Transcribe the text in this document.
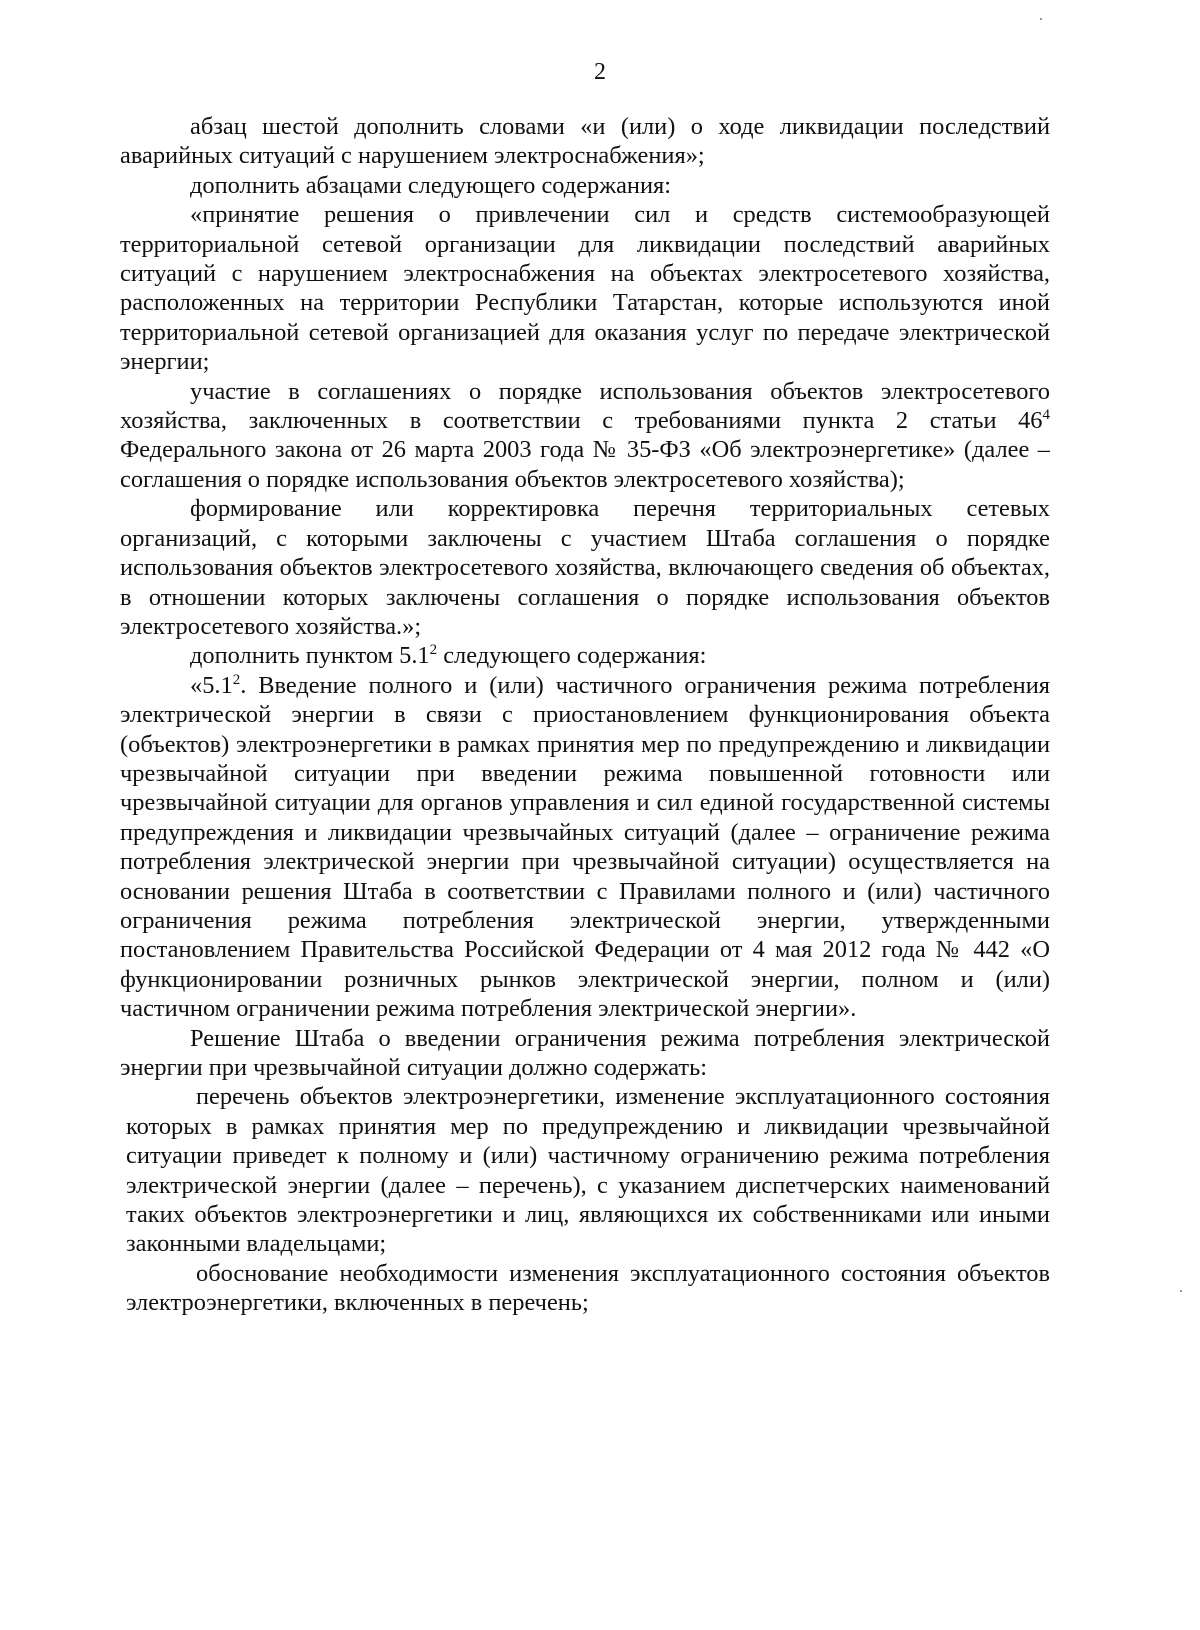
2

абзац шестой дополнить словами «и (или) о ходе ликвидации последствий аварийных ситуаций с нарушением электроснабжения»;

дополнить абзацами следующего содержания:

«принятие решения о привлечении сил и средств системообразующей территориальной сетевой организации для ликвидации последствий аварийных ситуаций с нарушением электроснабжения на объектах электросетевого хозяйства, расположенных на территории Республики Татарстан, которые используются иной территориальной сетевой организацией для оказания услуг по передаче электрической энергии;

участие в соглашениях о порядке использования объектов электросетевого хозяйства, заключенных в соответствии с требованиями пункта 2 статьи $46^4$ Федерального закона от 26 марта 2003 года № 35-ФЗ «Об электроэнергетике» (далее – соглашения о порядке использования объектов электросетевого хозяйства);

формирование или корректировка перечня территориальных сетевых организаций, с которыми заключены с участием Штаба соглашения о порядке использования объектов электросетевого хозяйства, включающего сведения об объектах, в отношении которых заключены соглашения о порядке использования объектов электросетевого хозяйства.»;

дополнить пунктом $5.1^2$ следующего содержания:

«$5.1^2$. Введение полного и (или) частичного ограничения режима потребления электрической энергии в связи с приостановлением функционирования объекта (объектов) электроэнергетики в рамках принятия мер по предупреждению и ликвидации чрезвычайной ситуации при введении режима повышенной готовности или чрезвычайной ситуации для органов управления и сил единой государственной системы предупреждения и ликвидации чрезвычайных ситуаций (далее – ограничение режима потребления электрической энергии при чрезвычайной ситуации) осуществляется на основании решения Штаба в соответствии с Правилами полного и (или) частичного ограничения режима потребления электрической энергии, утвержденными постановлением Правительства Российской Федерации от 4 мая 2012 года № 442 «О функционировании розничных рынков электрической энергии, полном и (или) частичном ограничении режима потребления электрической энергии».

Решение Штаба о введении ограничения режима потребления электрической энергии при чрезвычайной ситуации должно содержать:

перечень объектов электроэнергетики, изменение эксплуатационного состояния которых в рамках принятия мер по предупреждению и ликвидации чрезвычайной ситуации приведет к полному и (или) частичному ограничению режима потребления электрической энергии (далее – перечень), с указанием диспетчерских наименований таких объектов электроэнергетики и лиц, являющихся их собственниками или иными законными владельцами;

обоснование необходимости изменения эксплуатационного состояния объектов электроэнергетики, включенных в перечень;
